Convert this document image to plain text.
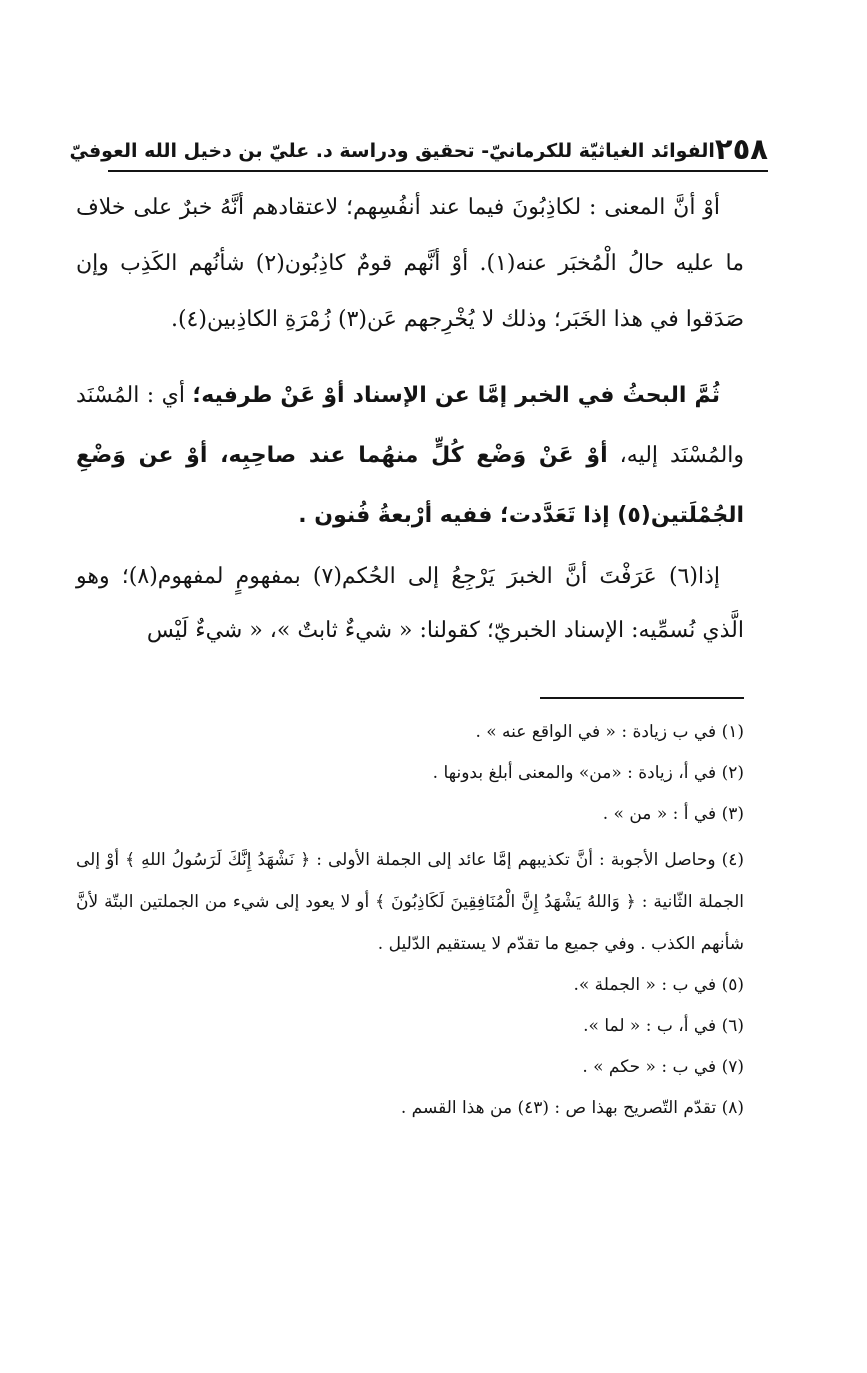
٢٥٨
الفوائد الغياثيّة للكرمانيّ- تحقيق ودراسة د. عليّ بن دخيل الله العوفيّ

أوْ أنَّ المعنى : لكاذِبُونَ فيما عند أنفُسِهم؛ لاعتقادهم أنَّهُ خبرٌ على خلاف ما عليه حالُ الْمُخبَر عنه(١). أوْ أنَّهم قومٌ كاذِبُون(٢) شأنُهم الكَذِب وإن صَدَقوا في هذا الخَبَر؛ وذلك لا يُخْرِجهم عَن(٣) زُمْرَةِ الكاذِبين(٤).

ثُمَّ البحثُ في الخبر إمَّا عن الإسناد أوْ عَنْ طرفيه؛ أي : المُسْنَد والمُسْنَد إليه، أوْ عَنْ وَضْع كُلٍّ منهُما عند صاحِبِه، أوْ عن وَضْعِ الجُمْلَتين(٥) إذا تَعَدَّدت؛ ففيه أرْبعةُ فُنون .

إذا(٦) عَرَفْتَ أنَّ الخبرَ يَرْجِعُ إلى الحُكم(٧) بمفهومٍ لمفهوم(٨)؛ وهو الَّذي نُسمِّيه: الإسناد الخبريّ؛ كقولنا: « شيءٌ ثابتٌ »، « شيءٌ لَيْس

(١) في ب زيادة : « في الواقع عنه » .

(٢) في أ، زيادة : «من» والمعنى أبلغ بدونها .

(٣) في أ : « من » .

(٤) وحاصل الأجوبة : أنَّ تكذيبهم إمَّا عائد إلى الجملة الأولى : ﴿ نَشْهَدُ إِنَّكَ لَرَسُولُ اللهِ ﴾ أوْ إلى الجملة الثّانية : ﴿ وَاللهُ يَشْهَدُ إِنَّ الْمُنَافِقِينَ لَكَاذِبُونَ ﴾ أو لا يعود إلى شيء من الجملتين البتّة لأنَّ شأنهم الكذب . وفي جميع ما تقدّم لا يستقيم الدّليل .

(٥) في ب : « الجملة ».

(٦) في أ، ب : « لما ».

(٧) في ب : « حكم » .

(٨) تقدّم التّصريح بهذا ص : (٤٣) من هذا القسم .
